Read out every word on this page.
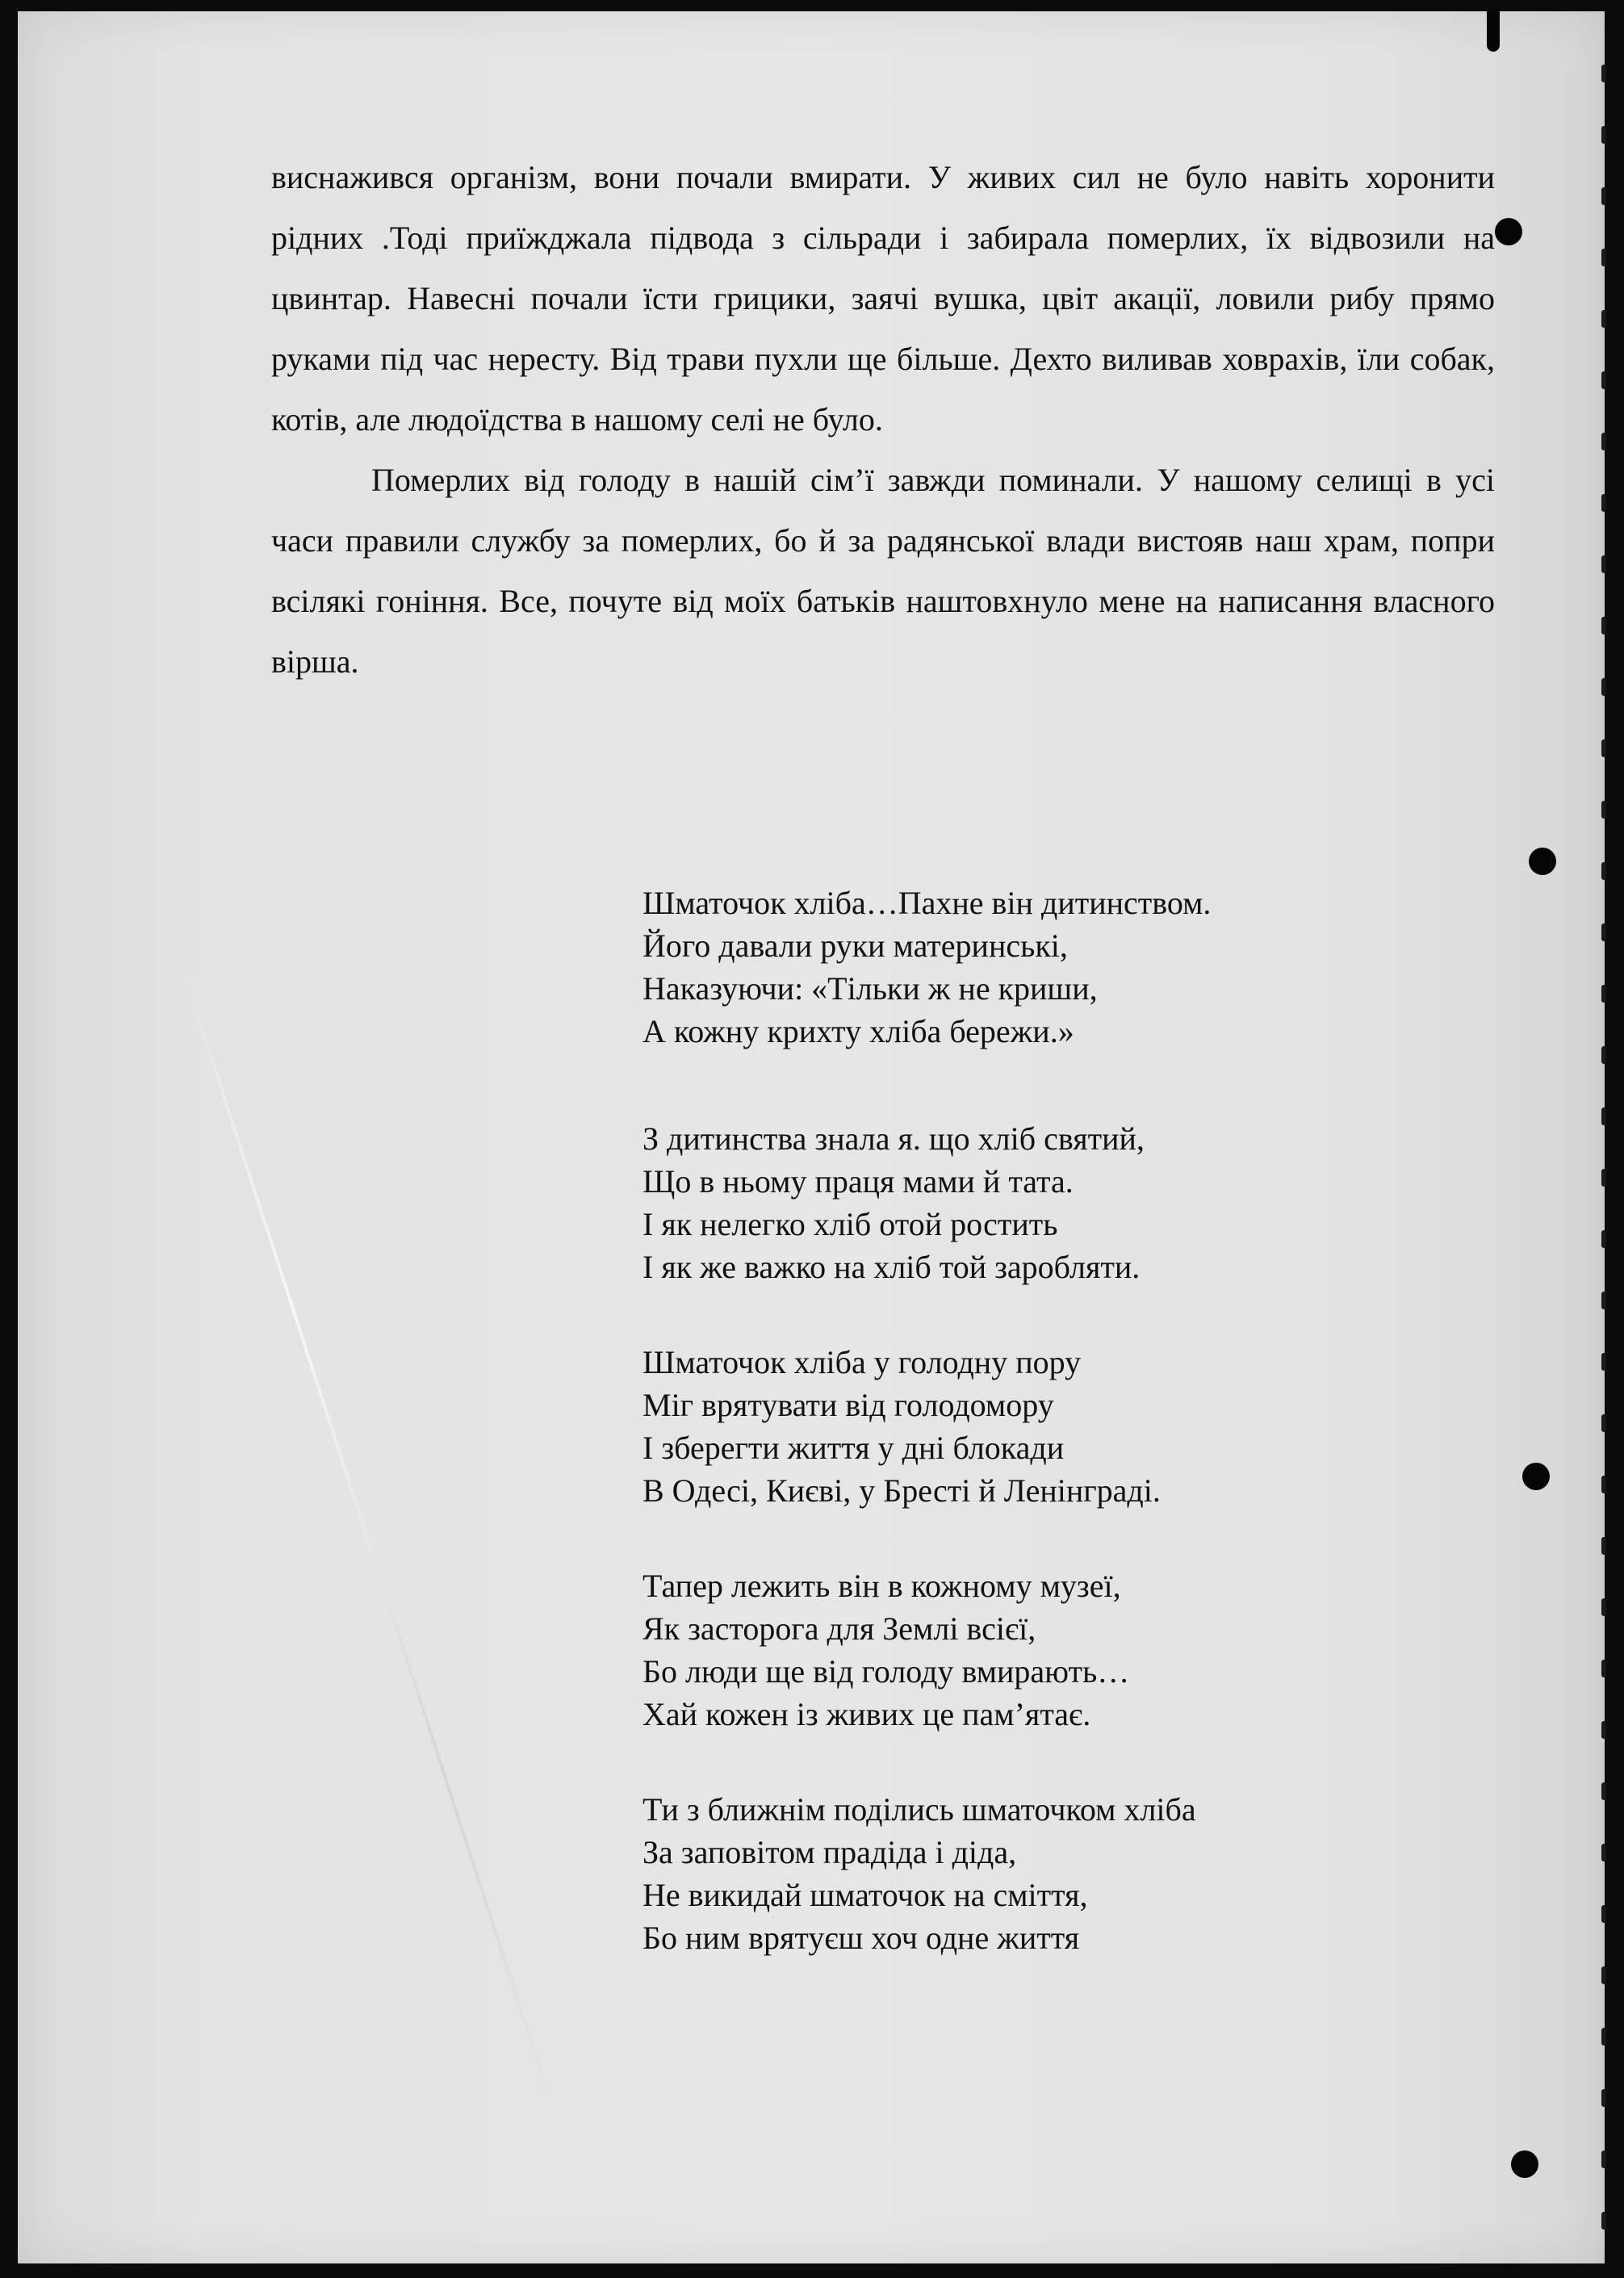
виснажився організм, вони почали вмирати. У живих сил не було навіть хоронити рідних .Тоді приїжджала підвода з сільради і забирала померлих, їх відвозили на цвинтар. Навесні почали їсти грицики, заячі вушка, цвіт акації, ловили рибу прямо руками під час нересту. Від трави пухли ще більше. Дехто виливав ховрахів, їли собак, котів, але людоїдства в нашому селі не було.

Померлих від голоду в нашій сім’ї завжди поминали. У нашому селищі в усі часи правили службу за померлих, бо й за радянської влади вистояв наш храм, попри всілякі гоніння. Все, почуте від моїх батьків наштовхнуло мене на написання власного вірша.

Шматочок хліба…Пахне він дитинством.
Його давали руки материнські,
Наказуючи: «Тільки ж не криши,
А кожну крихту хліба бережи.»
З дитинства знала я. що хліб святий,
Що в ньому праця мами й тата.
І як нелегко хліб отой ростить
І як же важко на хліб той заробляти.
Шматочок хліба у голодну пору
Міг врятувати від голодомору
І зберегти життя у дні блокади
В Одесі, Києві, у Бресті й Ленінграді.
Тапер лежить він в кожному музеї,
Як засторога для Землі всієї,
Бо люди ще від голоду вмирають…
Хай кожен із живих це пам’ятає.
Ти з ближнім поділись шматочком хліба
За заповітом прадіда і діда,
Не викидай шматочок на сміття,
Бо ним врятуєш хоч одне життя
